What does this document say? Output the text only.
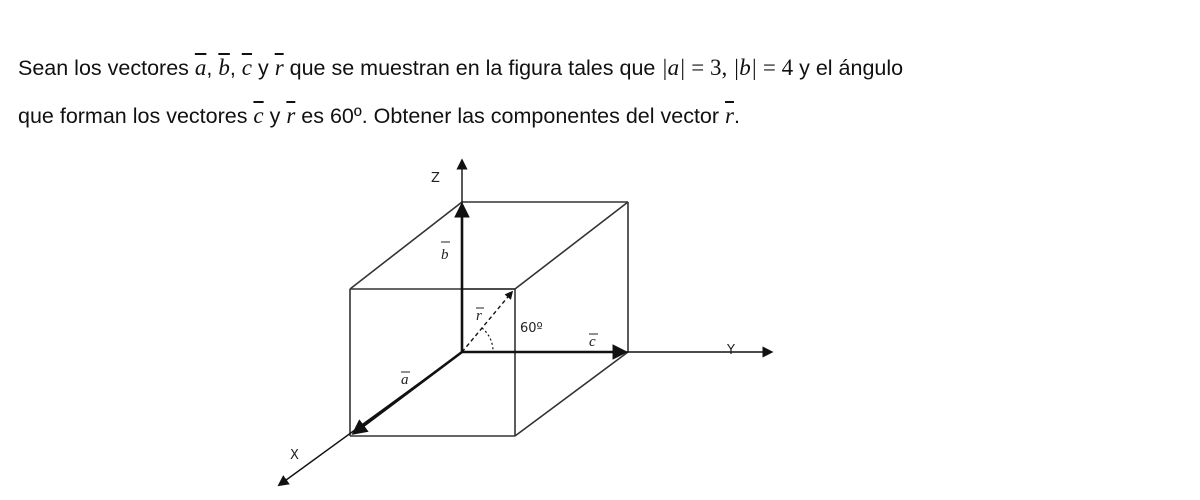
Sean los vectores $\overline{a}$, $\overline{b}$, $\overline{c}$ y $\overline{r}$ que se muestran en la figura tales que |a| = 3, |b| = 4 y el ángulo
que forman los vectores $\overline{c}$ y $\overline{r}$ es 60º. Obtener las componentes del vector $\overline{r}$.
Z
Y
X
b
a
c
r
60º
